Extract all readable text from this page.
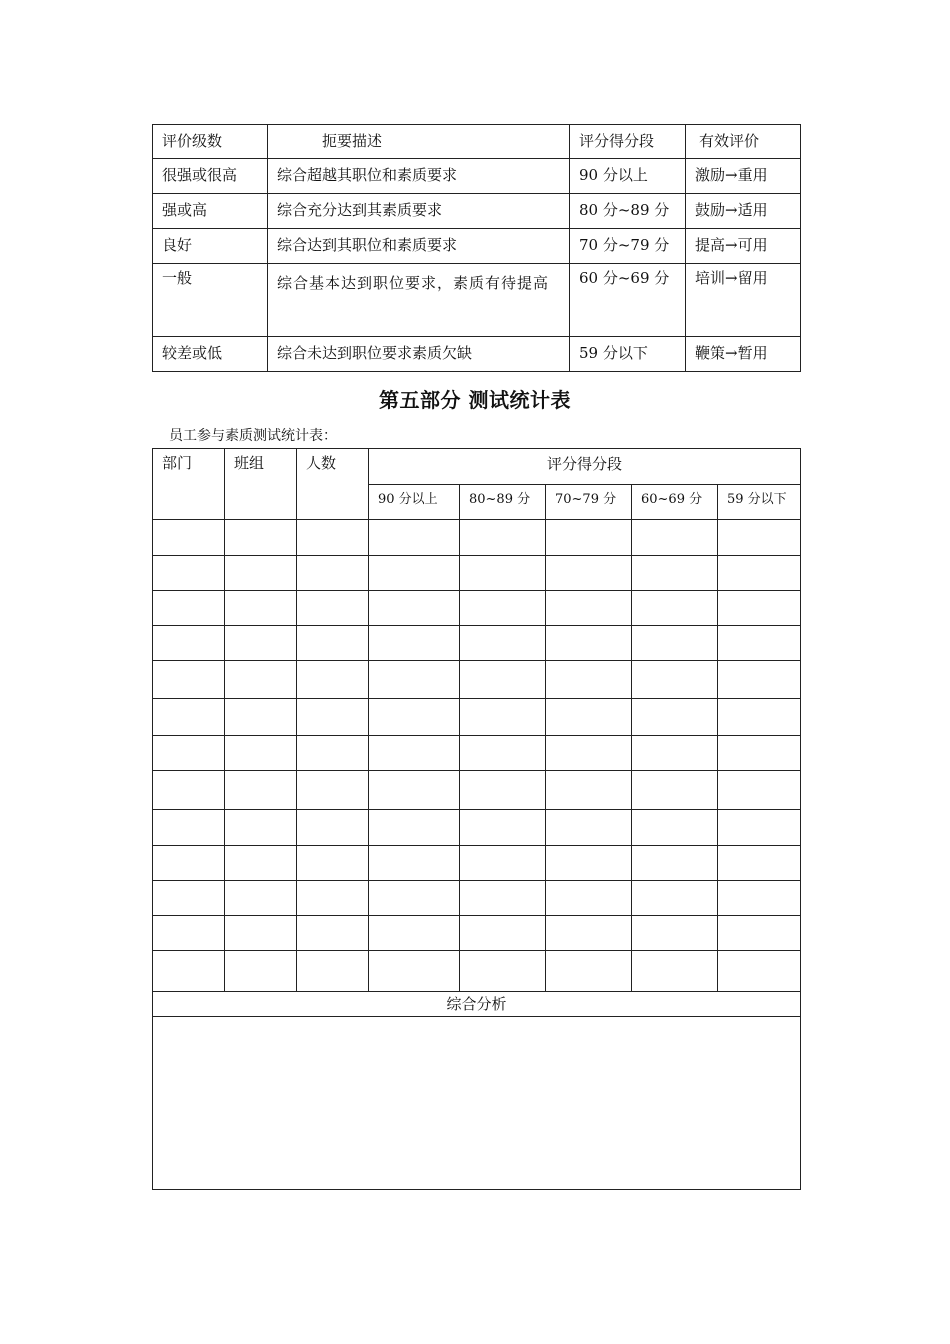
评价级数	扼要描述	评分得分段	有效评价
很强或很高	综合超越其职位和素质要求	90 分以上	激励→重用
强或高	综合充分达到其素质要求	80 分~89 分	鼓励→适用
良好	综合达到其职位和素质要求	70 分~79 分	提高→可用
一般	综合基本达到职位要求，素质有待提高	60 分~69 分	培训→留用
较差或低	综合未达到职位要求素质欠缺	59 分以下	鞭策→暂用
第五部分 测试统计表
员工参与素质测试统计表：
部门	班组	人数	评分得分段				
			90 分以上	80~89 分	70~79 分	60~69 分	59 分以下

综合分析							
